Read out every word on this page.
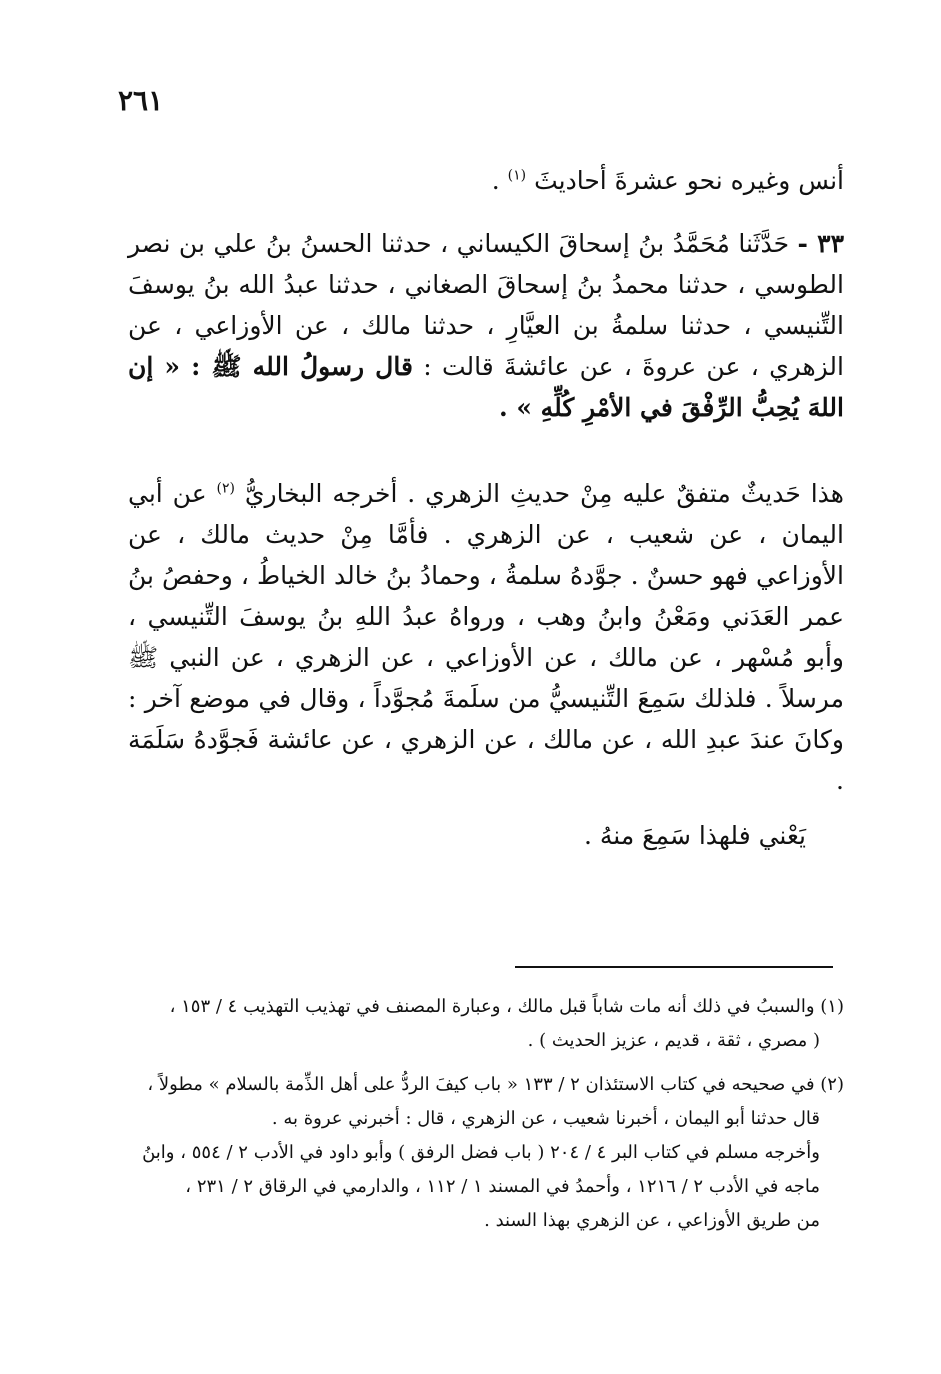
٢٦١
أنس وغيره نحو عشرةَ أحاديثَ $^{(١)}$ .
٣٣ - حَدَّثَنا مُحَمَّدُ بنُ إسحاقَ الكيساني ، حدثنا الحسنُ بنُ علي بن نصر الطوسي ، حدثنا محمدُ بنُ إسحاقَ الصغاني ، حدثنا عبدُ الله بنُ يوسفَ التِّنيسي ، حدثنا سلمةُ بن العيَّارِ ، حدثنا مالك ، عن الأوزاعي ، عن الزهري ، عن عروةَ ، عن عائشةَ قالت : قال رسولُ الله ﷺ : « إن اللهَ يُحِبُّ الرِّفْقَ في الأمْرِ كُلِّهِ » .
هذا حَديثٌ متفقٌ عليه مِنْ حديثِ الزهري . أخرجه البخاريُّ $^{(٢)}$ عن أبي اليمان ، عن شعيب ، عن الزهري . فأمَّا مِنْ حديث مالك ، عن الأوزاعي فهو حسنٌ . جوَّدهُ سلمةُ ، وحمادُ بنُ خالد الخياطُ ، وحفصُ بنُ عمر العَدَني ومَعْنُ وابنُ وهب ، ورواهُ عبدُ اللهِ بنُ يوسفَ التِّنيسي ، وأبو مُسْهر ، عن مالك ، عن الأوزاعي ، عن الزهري ، عن النبي ﷺ مرسلاً . فلذلك سَمِعَ التِّنيسيُّ من سلَمةَ مُجوَّداً ، وقال في موضع آخر : وكانَ عندَ عبدِ الله ، عن مالك ، عن الزهري ، عن عائشة فَجوَّدهُ سَلَمَة .
يَعْني فلهذا سَمِعَ منهُ .
(١) والسببُ في ذلك أنه مات شاباً قبل مالك ، وعبارة المصنف في تهذيب التهذيب ٤ / ١٥٣ ،
( مصري ، ثقة ، قديم ، عزيز الحديث ) .
(٢) في صحيحه في كتاب الاستئذان ٢ / ١٣٣ « باب كيفَ الردُّ على أهل الذِّمة بالسلام » مطولاً ،
قال حدثنا أبو اليمان ، أخبرنا شعيب ، عن الزهري ، قال : أخبرني عروة به .
وأخرجه مسلم في كتاب البر ٤ / ٢٠٤ ( باب فضل الرفق ) وأبو داود في الأدب ٢ / ٥٥٤ ، وابنُ
ماجه في الأدب ٢ / ١٢١٦ ، وأحمدُ في المسند ١ / ١١٢ ، والدارمي في الرقاق ٢ / ٢٣١ ،
من طريق الأوزاعي ، عن الزهري بهذا السند .
